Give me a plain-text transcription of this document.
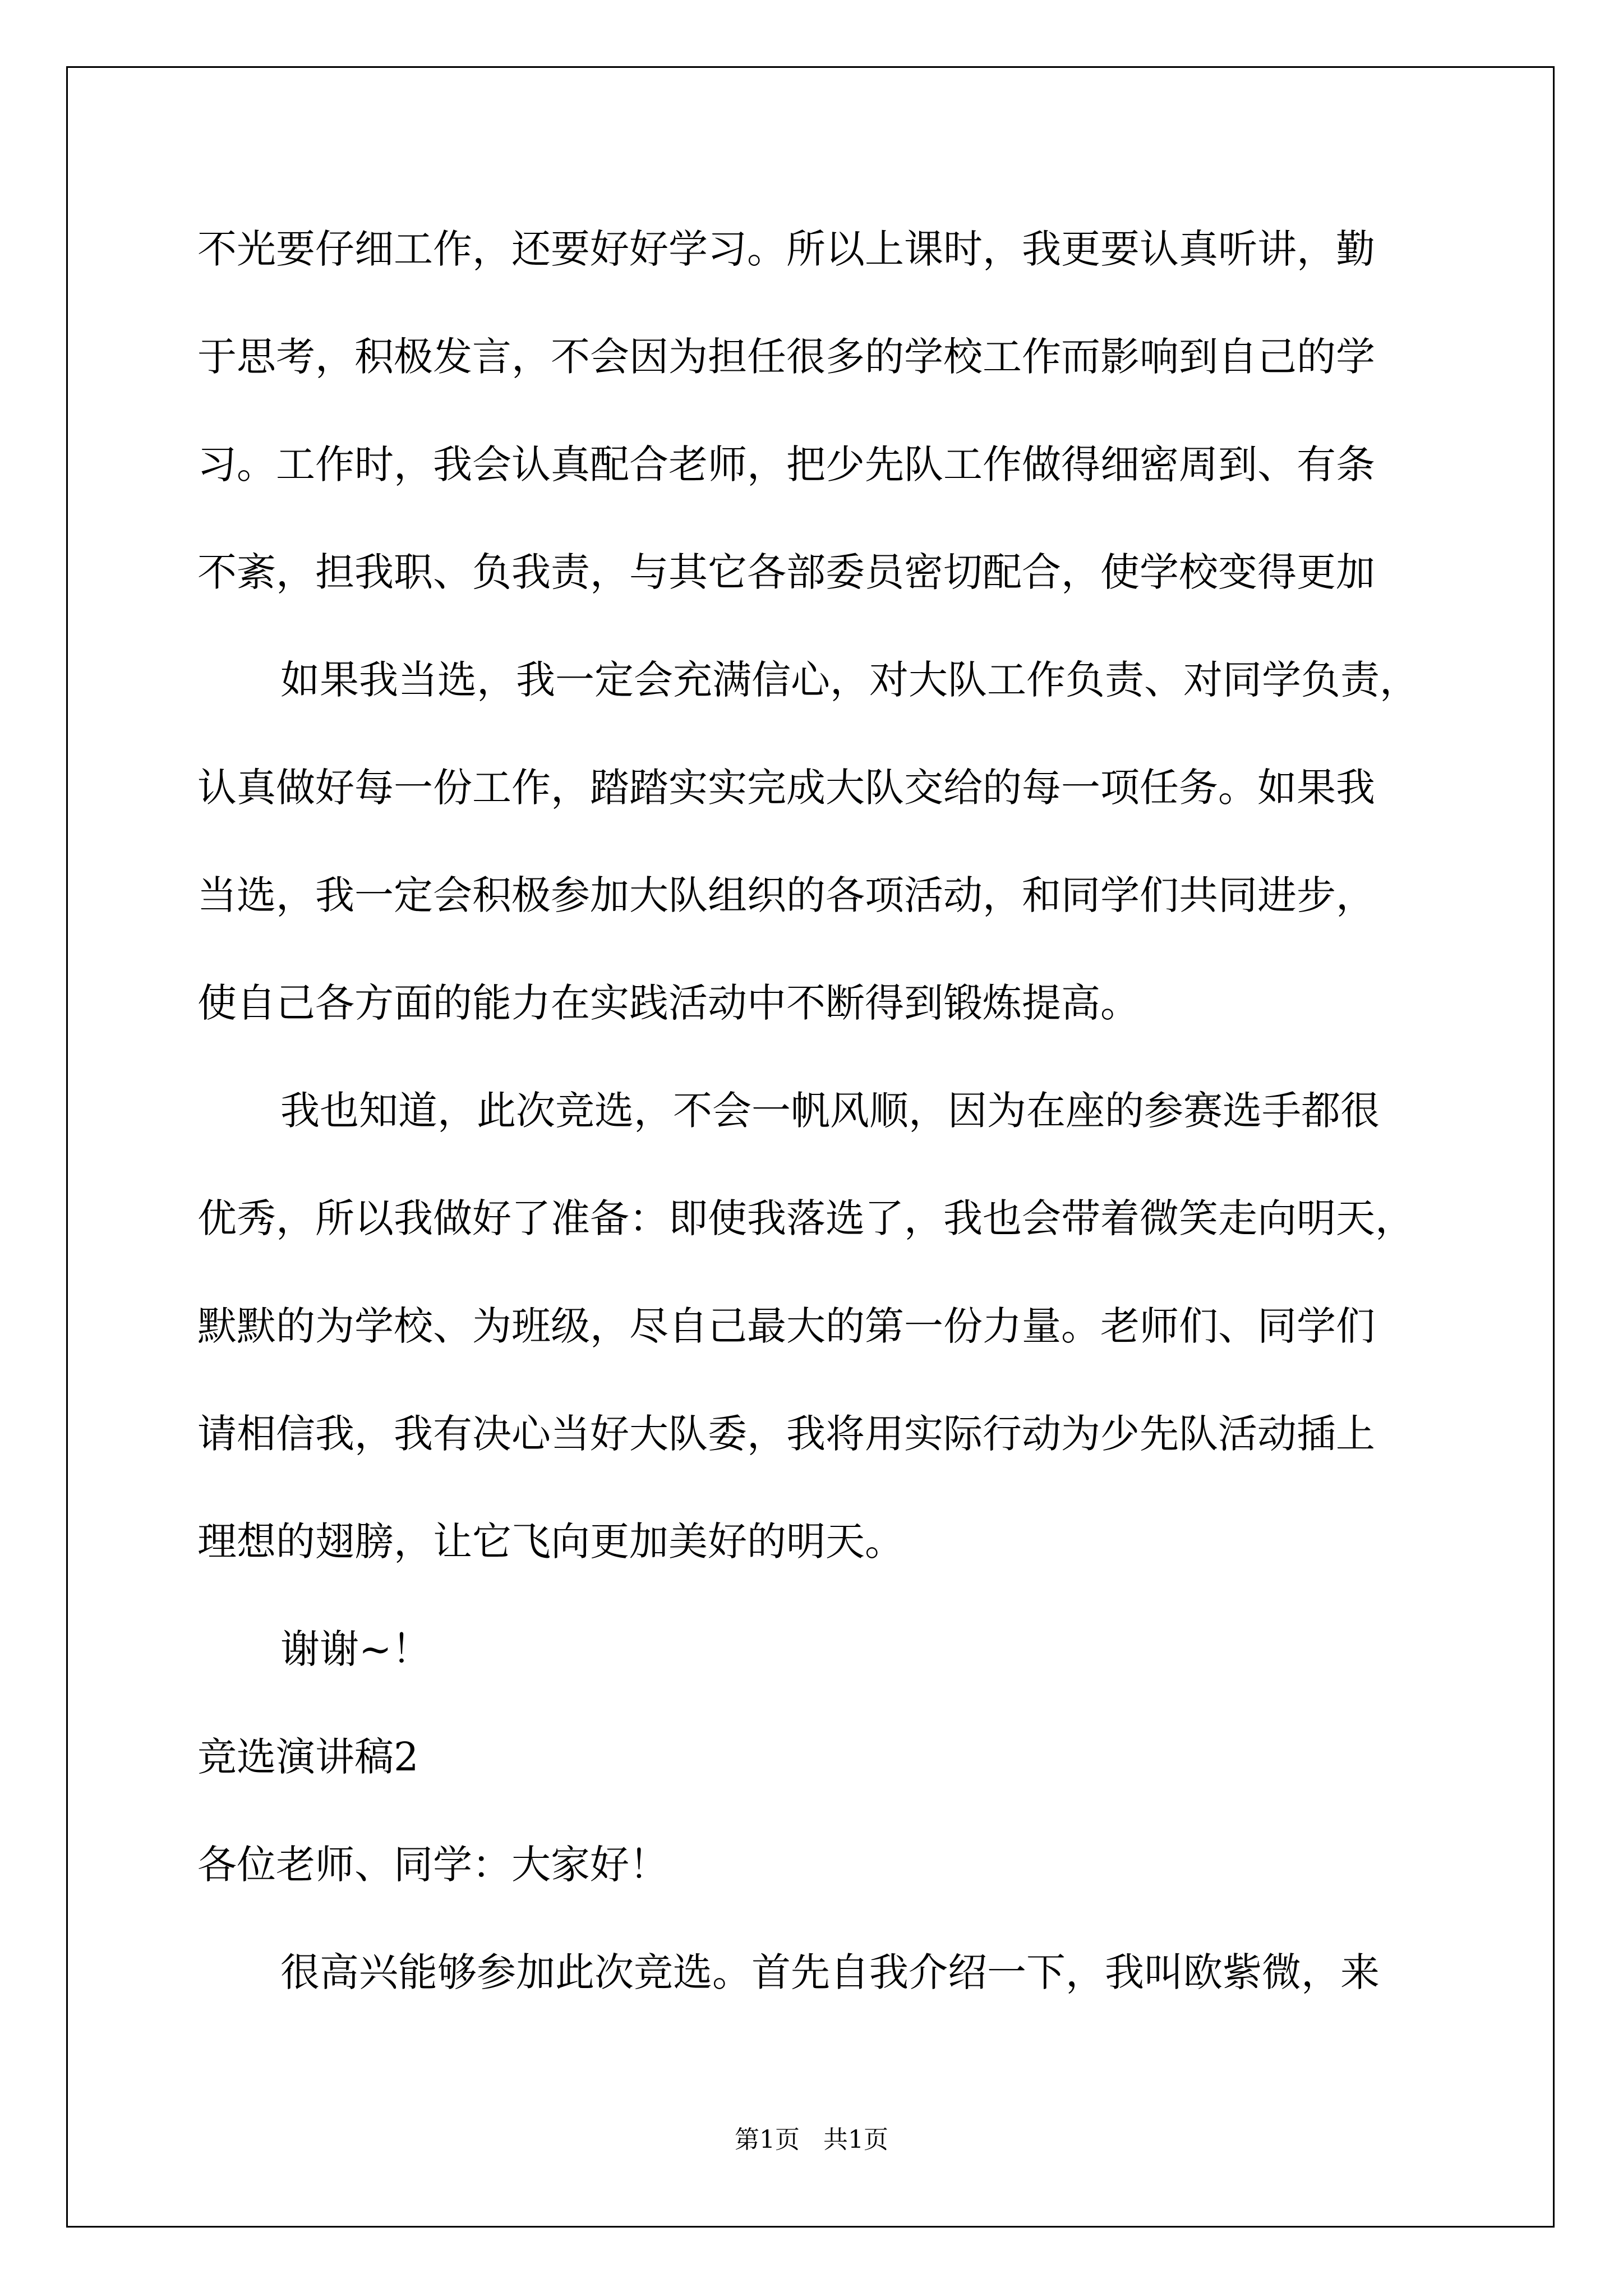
不光要仔细工作，还要好好学习。所以上课时，我更要认真听讲，勤

于思考，积极发言，不会因为担任很多的学校工作而影响到自己的学

习。工作时，我会认真配合老师，把少先队工作做得细密周到、有条

不紊，担我职、负我责，与其它各部委员密切配合，使学校变得更加

如果我当选，我一定会充满信心，对大队工作负责、对同学负责，

认真做好每一份工作，踏踏实实完成大队交给的每一项任务。如果我

当选，我一定会积极参加大队组织的各项活动，和同学们共同进步，

使自己各方面的能力在实践活动中不断得到锻炼提高。

我也知道，此次竞选，不会一帆风顺，因为在座的参赛选手都很

优秀，所以我做好了准备：即使我落选了，我也会带着微笑走向明天，

默默的为学校、为班级，尽自己最大的第一份力量。老师们、同学们

请相信我，我有决心当好大队委，我将用实际行动为少先队活动插上

理想的翅膀，让它飞向更加美好的明天。

谢谢~！

竞选演讲稿2

各位老师、同学：大家好！

很高兴能够参加此次竞选。首先自我介绍一下，我叫欧紫微，来

第1页   共1页
